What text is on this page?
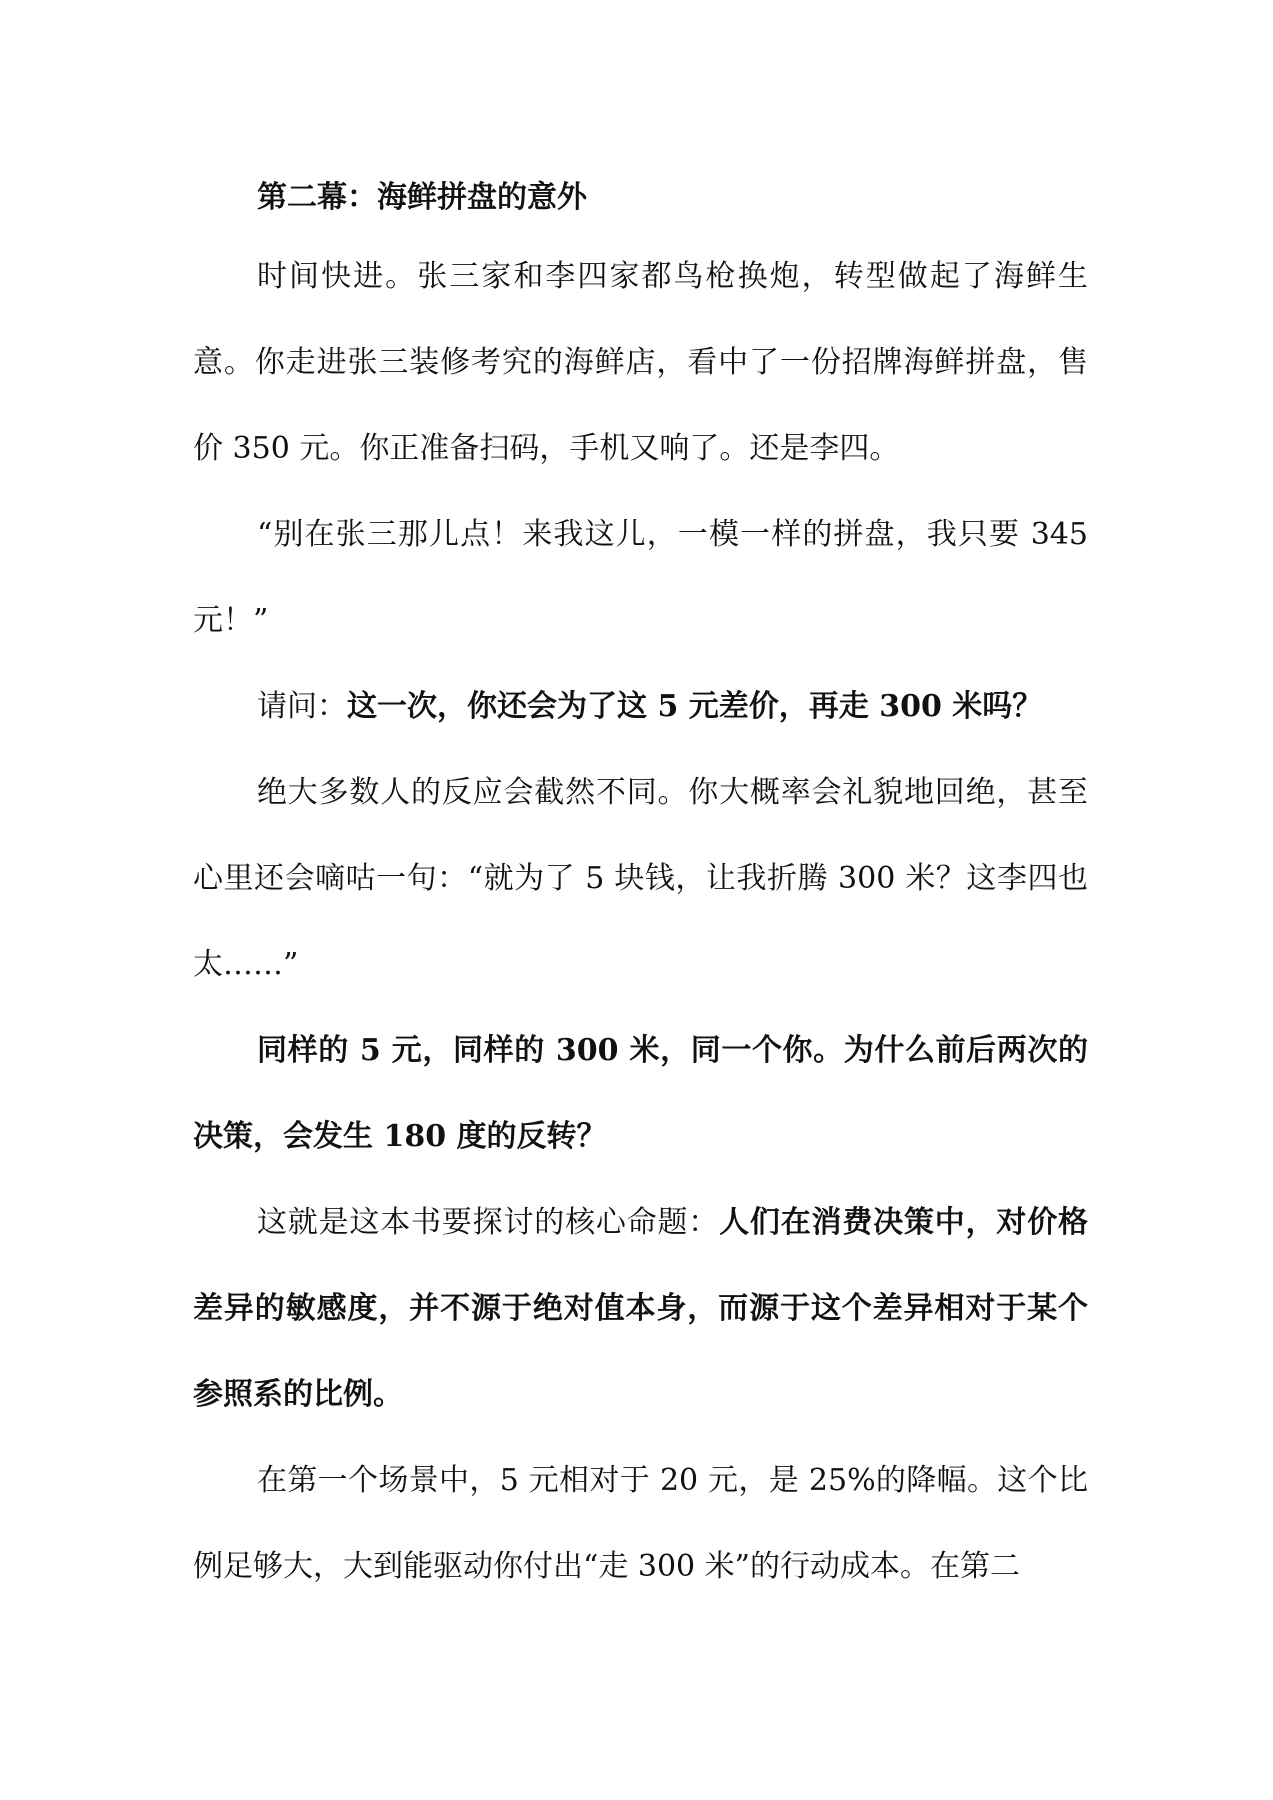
第二幕：海鲜拼盘的意外

时间快进。张三家和李四家都鸟枪换炮，转型做起了海鲜生意。你走进张三装修考究的海鲜店，看中了一份招牌海鲜拼盘，售价 350 元。你正准备扫码，手机又响了。还是李四。

“别在张三那儿点！来我这儿，一模一样的拼盘，我只要 345 元！”

请问：这一次，你还会为了这 5 元差价，再走 300 米吗？

绝大多数人的反应会截然不同。你大概率会礼貌地回绝，甚至心里还会嘀咕一句：“就为了 5 块钱，让我折腾 300 米？这李四也太……”

同样的 5 元，同样的 300 米，同一个你。为什么前后两次的决策，会发生 180 度的反转？

这就是这本书要探讨的核心命题：人们在消费决策中，对价格差异的敏感度，并不源于绝对值本身，而源于这个差异相对于某个参照系的比例。

在第一个场景中，5 元相对于 20 元，是 25%的降幅。这个比例足够大，大到能驱动你付出“走 300 米”的行动成本。在第二
